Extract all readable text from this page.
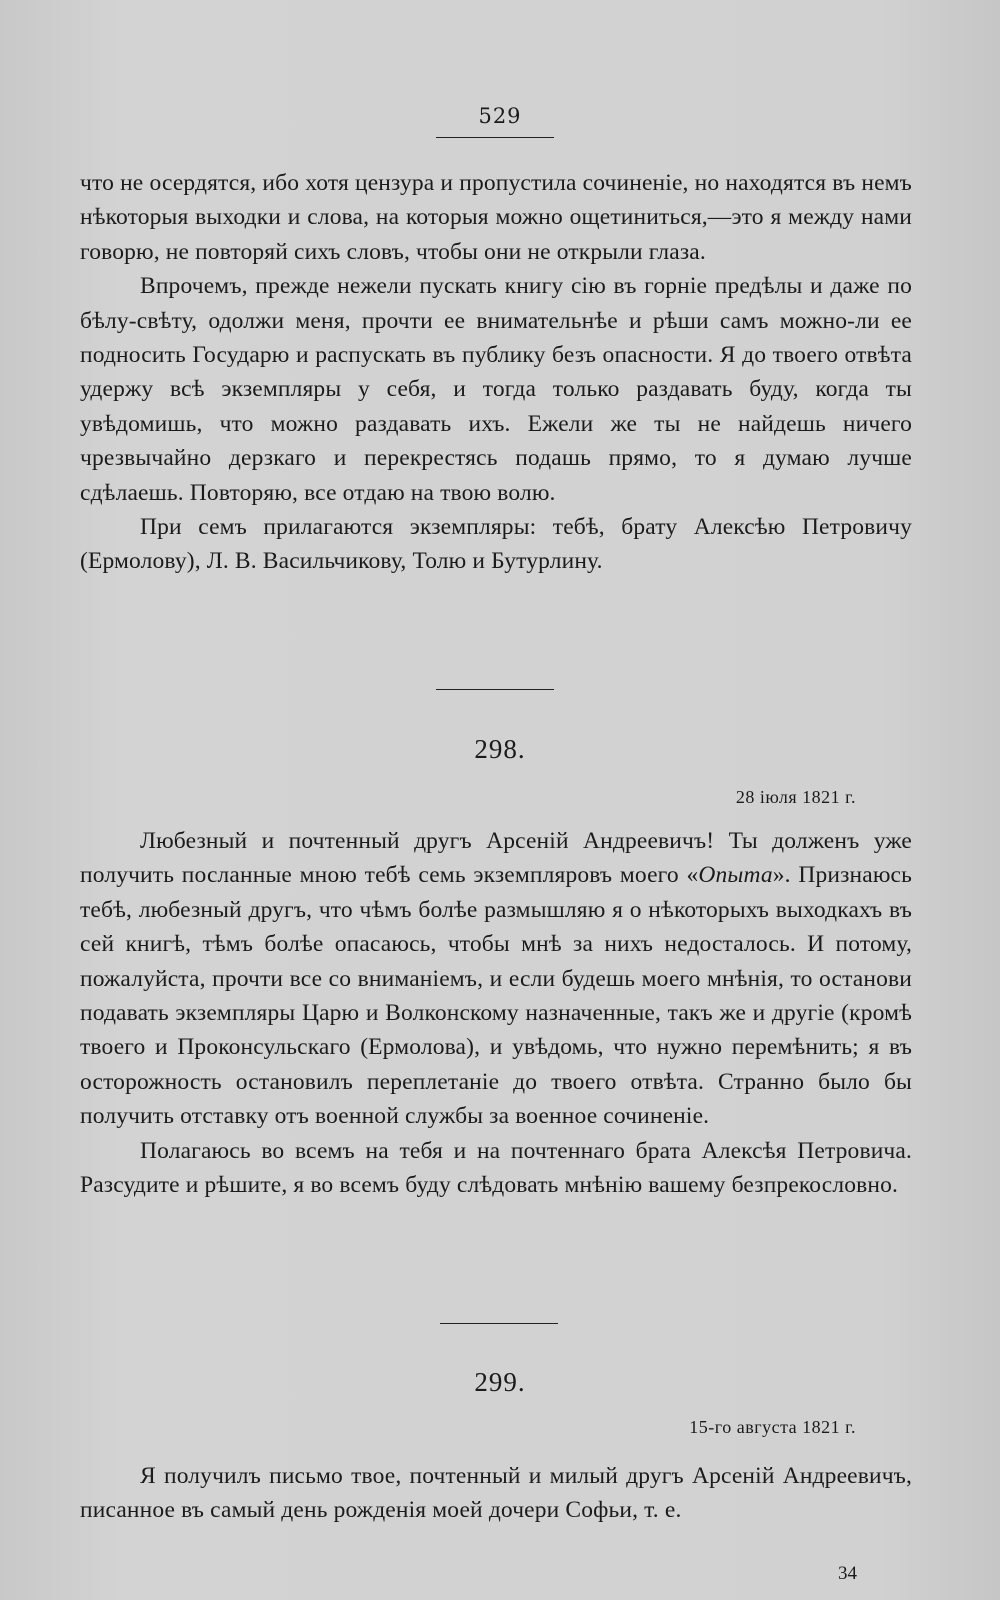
529

что не осердятся, ибо хотя цензура и пропустила сочиненіе, но находятся въ немъ нѣкоторыя выходки и слова, на которыя можно ощетиниться,—это я между нами говорю, не повторяй сихъ словъ, чтобы они не открыли глаза.

Впрочемъ, прежде нежели пускать книгу сію въ горніе предѣлы и даже по бѣлу-свѣту, одолжи меня, прочти ее внимательнѣе и рѣши самъ можно-ли ее подносить Государю и распускать въ публику безъ опасности. Я до твоего отвѣта удержу всѣ экземпляры у себя, и тогда только раздавать буду, когда ты увѣдомишь, что можно раздавать ихъ. Ежели же ты не найдешь ничего чрезвычайно дерзкаго и перекрестясь подашь прямо, то я думаю лучше сдѣлаешь. Повторяю, все отдаю на твою волю.

При семъ прилагаются экземпляры: тебѣ, брату Алексѣю Петровичу (Ермолову), Л. В. Васильчикову, Толю и Бутурлину.

298.
28 іюля 1821 г.

Любезный и почтенный другъ Арсеній Андреевичъ! Ты долженъ уже получить посланные мною тебѣ семь экземпляровъ моего «Опыта». Признаюсь тебѣ, любезный другъ, что чѣмъ болѣе размышляю я о нѣкоторыхъ выходкахъ въ сей книгѣ, тѣмъ болѣе опасаюсь, чтобы мнѣ за нихъ недосталось. И потому, пожалуйста, прочти все со вниманіемъ, и если будешь моего мнѣнія, то останови подавать экземпляры Царю и Волконскому назначенные, такъ же и другіе (кромѣ твоего и Проконсульскаго (Ермолова), и увѣдомь, что нужно перемѣнить; я въ осторожность остановилъ переплетаніе до твоего отвѣта. Странно было бы получить отставку отъ военной службы за военное сочиненіе.

Полагаюсь во всемъ на тебя и на почтеннаго брата Алексѣя Петровича. Разсудите и рѣшите, я во всемъ буду слѣдовать мнѣнію вашему безпрекословно.

299.
15-го августа 1821 г.

Я получилъ письмо твое, почтенный и милый другъ Арсеній Андреевичъ, писанное въ самый день рожденія моей дочери Софьи, т. е.

34
